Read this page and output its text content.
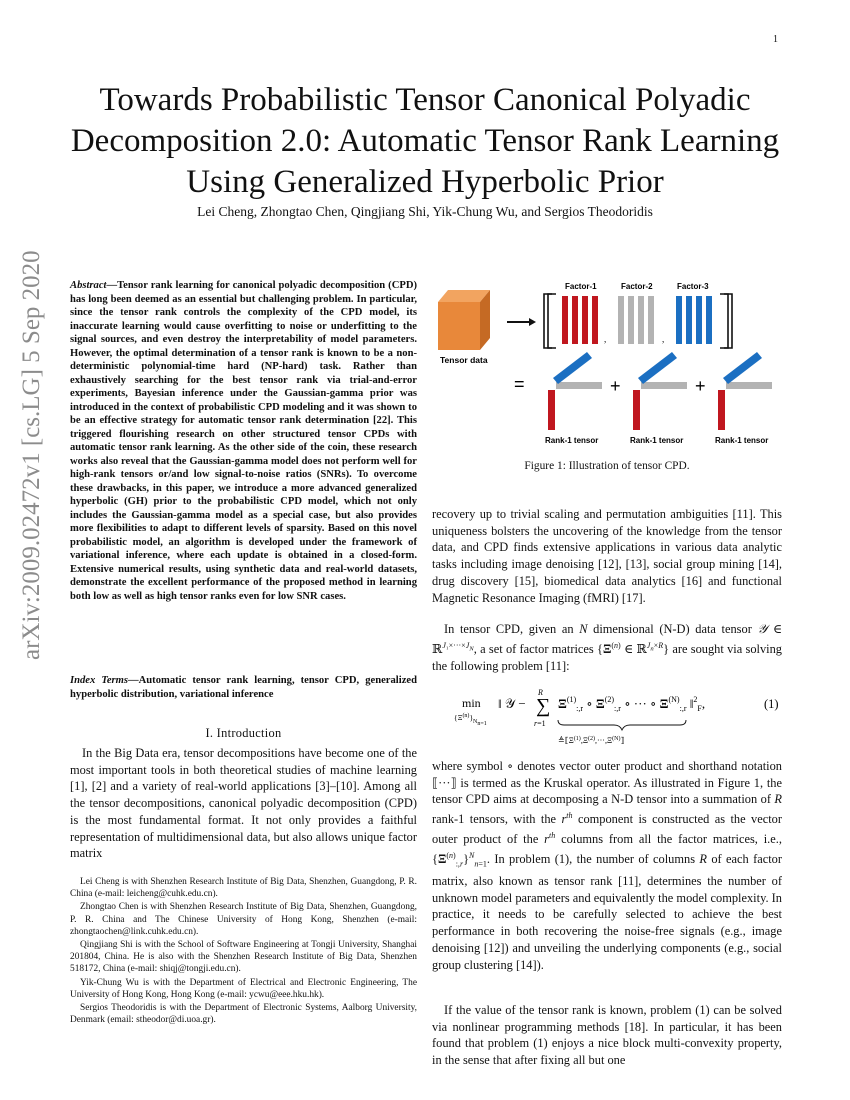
1
arXiv:2009.02472v1 [cs.LG] 5 Sep 2020
Towards Probabilistic Tensor Canonical Polyadic Decomposition 2.0: Automatic Tensor Rank Learning Using Generalized Hyperbolic Prior
Lei Cheng, Zhongtao Chen, Qingjiang Shi, Yik-Chung Wu, and Sergios Theodoridis
Abstract—Tensor rank learning for canonical polyadic decomposition (CPD) has long been deemed as an essential but challenging problem. In particular, since the tensor rank controls the complexity of the CPD model, its inaccurate learning would cause overfitting to noise or underfitting to the signal sources, and even destroy the interpretability of model parameters. However, the optimal determination of a tensor rank is known to be a non-deterministic polynomial-time hard (NP-hard) task. Rather than exhaustively searching for the best tensor rank via trial-and-error experiments, Bayesian inference under the Gaussian-gamma prior was introduced in the context of probabilistic CPD modeling and it was shown to be an effective strategy for automatic tensor rank determination [22]. This triggered flourishing research on other structured tensor CPDs with automatic tensor rank learning. As the other side of the coin, these research works also reveal that the Gaussian-gamma model does not perform well for high-rank tensors or/and low signal-to-noise ratios (SNRs). To overcome these drawbacks, in this paper, we introduce a more advanced generalized hyperbolic (GH) prior to the probabilistic CPD model, which not only includes the Gaussian-gamma model as a special case, but also provides more flexibilities to adapt to different levels of sparsity. Based on this novel probabilistic model, an algorithm is developed under the framework of variational inference, where each update is obtained in a closed-form. Extensive numerical results, using synthetic data and real-world datasets, demonstrate the excellent performance of the proposed method in learning both low as well as high tensor ranks even for low SNR cases.
Index Terms—Automatic tensor rank learning, tensor CPD, generalized hyperbolic distribution, variational inference
I. Introduction
In the Big Data era, tensor decompositions have become one of the most important tools in both theoretical studies of machine learning [1], [2] and a variety of real-world applications [3]–[10]. Among all the tensor decompositions, canonical polyadic decomposition (CPD) is the most fundamental format. It not only provides a faithful representation of multidimensional data, but also allows unique factor matrix

Lei Cheng is with Shenzhen Research Institute of Big Data, Shenzhen, Guangdong, P. R. China (e-mail: leicheng@cuhk.edu.cn).

Zhongtao Chen is with Shenzhen Research Institute of Big Data, Shenzhen, Guangdong, P. R. China and The Chinese University of Hong Kong, Shenzhen (e-mail: zhongtaochen@link.cuhk.edu.cn).

Qingjiang Shi is with the School of Software Engineering at Tongji University, Shanghai 201804, China. He is also with the Shenzhen Research Institute of Big Data, Shenzhen 518172, China (e-mail: shiqj@tongji.edu.cn).

Yik-Chung Wu is with the Department of Electrical and Electronic Engineering, The University of Hong Kong, Hong Kong (e-mail: ycwu@eee.hku.hk).

Sergios Theodoridis is with the Department of Electronic Systems, Aalborg University, Denmark (email: stheodor@di.uoa.gr).

Tensor data
Factor-1	Factor-2	Factor-3
,	,
=	+	+
Rank-1 tensor	Rank-1 tensor	Rank-1 tensor
Figure 1: Illustration of tensor CPD.
recovery up to trivial scaling and permutation ambiguities [11]. This uniqueness bolsters the uncovering of the knowledge from the tensor data, and CPD finds extensive applications in various data analytic tasks including image denoising [12], [13], social group mining [14], drug discovery [15], biomedical data analytics [16] and functional Magnetic Resonance Imaging (fMRI) [17].
In tensor CPD, given an N dimensional (N-D) data tensor 𝒴 ∈ ℝ$^{J_1\times\cdot\cdot\cdot\times J_N}$, a set of factor matrices {$\Xi^{(n)}$ ∈ ℝ$^{J_n\times R}$} are sought via solving the following problem [11]:
min
$\{\Xi^{(n)}\}_{Nn=1}$
‖ 𝒴 − ∑
R
r=1
$\Xi^{(1)}_{:,r}$ ∘ $\Xi^{(2)}_{:,r}$ ∘ ··· ∘ $\Xi^{(N)}_{:,r}$ ‖$^2_F$,
$≜⟦\Xi^{(1)},\Xi^{(2)},\cdot\cdot\cdot,\Xi^{(N)}⟧$
(1)
where symbol ∘ denotes vector outer product and shorthand notation ⟦···⟧ is termed as the Kruskal operator. As illustrated in Figure 1, the tensor CPD aims at decomposing a N-D tensor into a summation of R rank-1 tensors, with the $r^{th}$ component is constructed as the vector outer product of the $r^{th}$ columns from all the factor matrices, i.e., $\{\Xi^{(n)}_{:,r}\}^N_{n=1}$. In problem (1), the number of columns R of each factor matrix, also known as tensor rank [11], determines the number of unknown model parameters and equivalently the model complexity. In practice, it needs to be carefully selected to achieve the best performance in both recovering the noise-free signals (e.g., image denoising [12]) and unveiling the underlying components (e.g., social group clustering [14]).
If the value of the tensor rank is known, problem (1) can be solved via nonlinear programming methods [18]. In particular, it has been found that problem (1) enjoys a nice block multi-convexity property, in the sense that after fixing all but one
